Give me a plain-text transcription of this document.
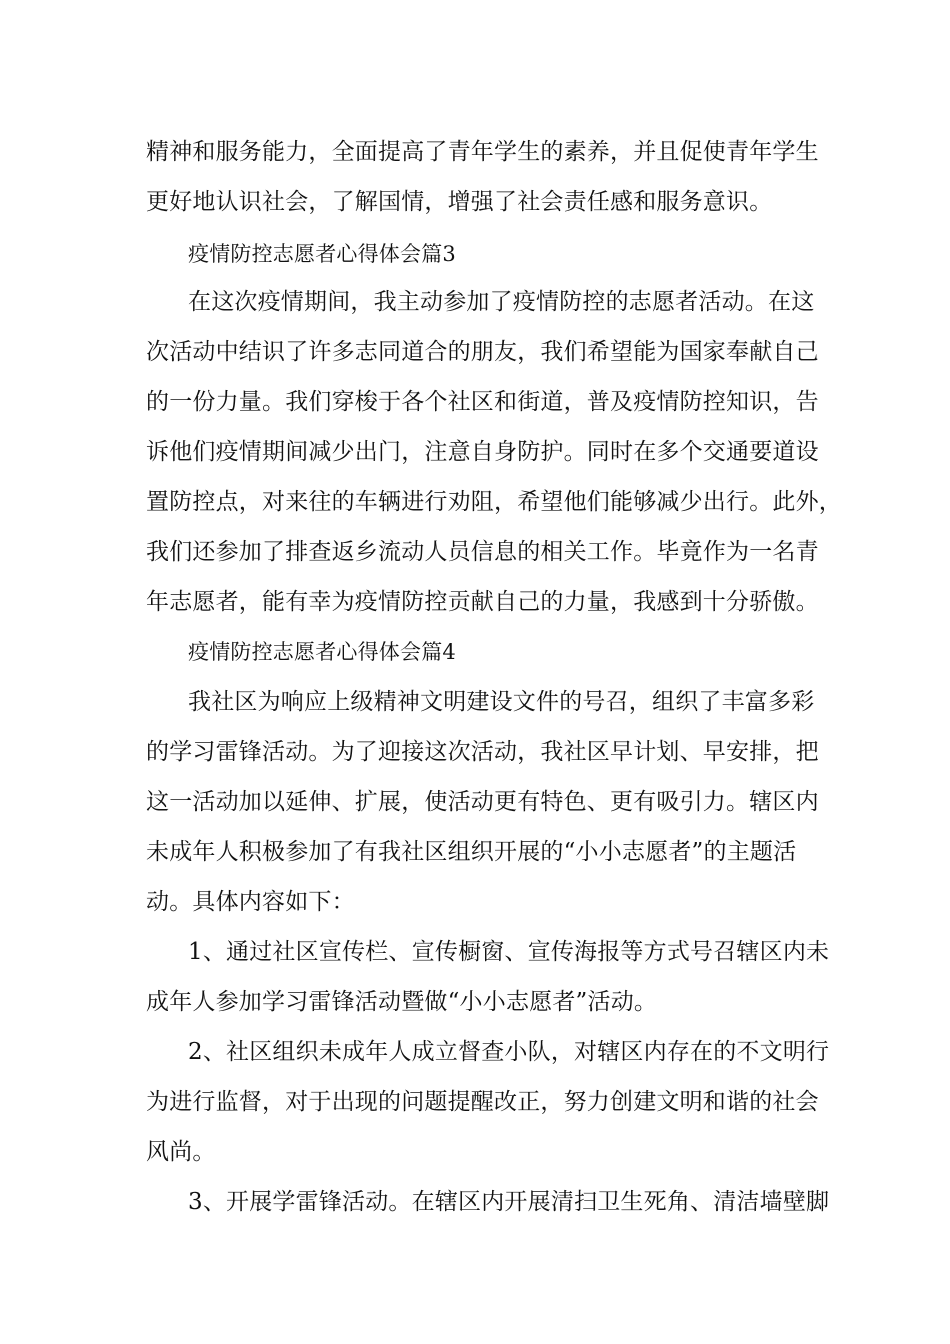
精神和服务能力，全面提高了青年学生的素养，并且促使青年学生
更好地认识社会，了解国情，增强了社会责任感和服务意识。
疫情防控志愿者心得体会篇3
在这次疫情期间，我主动参加了疫情防控的志愿者活动。在这
次活动中结识了许多志同道合的朋友，我们希望能为国家奉献自己
的一份力量。我们穿梭于各个社区和街道，普及疫情防控知识，告
诉他们疫情期间减少出门，注意自身防护。同时在多个交通要道设
置防控点，对来往的车辆进行劝阻，希望他们能够减少出行。此外，
我们还参加了排查返乡流动人员信息的相关工作。毕竟作为一名青
年志愿者，能有幸为疫情防控贡献自己的力量，我感到十分骄傲。
疫情防控志愿者心得体会篇4
我社区为响应上级精神文明建设文件的号召，组织了丰富多彩
的学习雷锋活动。为了迎接这次活动，我社区早计划、早安排，把
这一活动加以延伸、扩展，使活动更有特色、更有吸引力。辖区内
未成年人积极参加了有我社区组织开展的“小小志愿者”的主题活
动。具体内容如下：
1、通过社区宣传栏、宣传橱窗、宣传海报等方式号召辖区内未
成年人参加学习雷锋活动暨做“小小志愿者”活动。
2、社区组织未成年人成立督查小队，对辖区内存在的不文明行
为进行监督，对于出现的问题提醒改正，努力创建文明和谐的社会
风尚。
3、开展学雷锋活动。在辖区内开展清扫卫生死角、清洁墙壁脚
